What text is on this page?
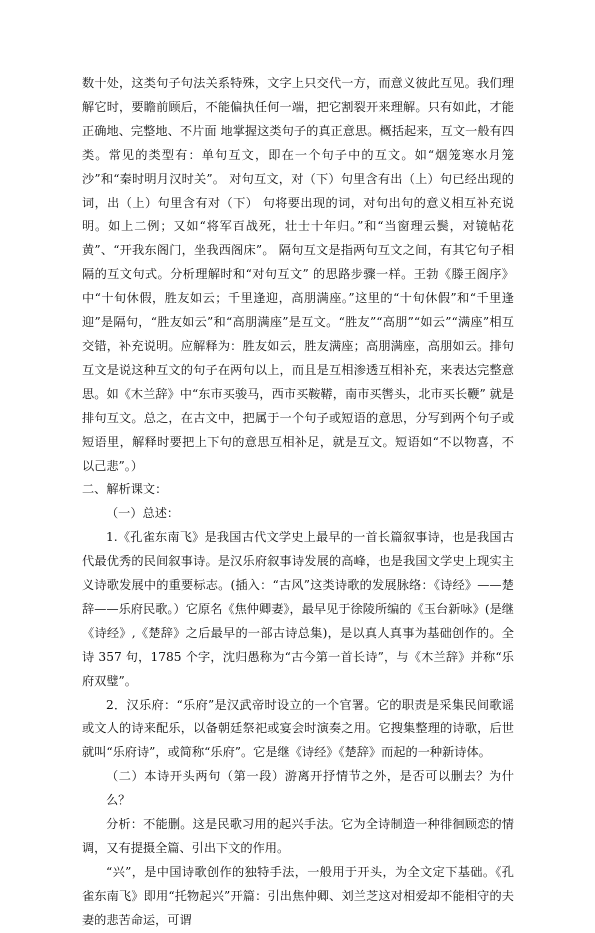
数十处，这类句子句法关系特殊，文字上只交代一方，而意义彼此互见。我们理解它时，要瞻前顾后，不能偏执任何一端，把它割裂开来理解。只有如此，才能正确地、完整地、不片面 地掌握这类句子的真正意思。概括起来，互文一般有四类。常见的类型有：单句互文，即在一个句子中的互文。如“烟笼寒水月笼沙”和“秦时明月汉时关”。 对句互文，对（下）句里含有出（上）句已经出现的词，出（上）句里含有对（下） 句将要出现的词，对句出句的意义相互补充说明。如上二例；又如“将军百战死，壮士十年归。”和“当窗理云鬓，对镜帖花黄”、“开我东阁门，坐我西阁床”。 隔句互文是指两句互文之间，有其它句子相隔的互文句式。分析理解时和“对句互文” 的思路步骤一样。王勃《滕王阁序》 中“十旬休假，胜友如云；千里逢迎，高朋满座。”这里的“十旬休假”和“千里逢迎”是隔句，“胜友如云”和“高朋满座”是互文。“胜友”“高朋”“如云”“满座”相互交错，补充说明。应解释为：胜友如云，胜友满座；高朋满座，高朋如云。排句互文是说这种互文的句子在两句以上，而且是互相渗透互相补充，来表达完整意思。如《木兰辞》中“东市买骏马，西市买鞍鞯，南市买辔头，北市买长鞭” 就是排句互文。总之，在古文中，把属于一个句子或短语的意思，分写到两个句子或短语里，解释时要把上下句的意思互相补足，就是互文。短语如“不以物喜，不以己悲”。）

二、解析课文：

（一）总述：

1.《孔雀东南飞》是我国古代文学史上最早的一首长篇叙事诗，也是我国古代最优秀的民间叙事诗。是汉乐府叙事诗发展的高峰，也是我国文学史上现实主义诗歌发展中的重要标志。(插入：“古风”这类诗歌的发展脉络：《诗经》——楚辞——乐府民歌。）它原名《焦仲卿妻》，最早见于徐陵所编的《玉台新咏》(是继《诗经》,《楚辞》之后最早的一部古诗总集)，是以真人真事为基础创作的。全诗 357 句，1785 个字，沈归愚称为“古今第一首长诗”，与《木兰辞》并称“乐府双璧”。

2．汉乐府：“乐府”是汉武帝时设立的一个官署。它的职责是采集民间歌谣或文人的诗来配乐，以备朝廷祭祀或宴会时演奏之用。它搜集整理的诗歌，后世就叫“乐府诗”，或简称“乐府”。它是继《诗经》《楚辞》而起的一种新诗体。

（二）本诗开头两句（第一段）游离开抒情节之外，是否可以删去？为什么？

分析：不能删。这是民歌习用的起兴手法。它为全诗制造一种徘徊顾恋的情调，又有提摄全篇、引出下文的作用。

“兴”，是中国诗歌创作的独特手法，一般用于开头，为全文定下基础。《孔雀东南飞》即用“托物起兴”开篇：引出焦仲卿、刘兰芝这对相爱却不能相守的夫妻的悲苦命运，可谓
